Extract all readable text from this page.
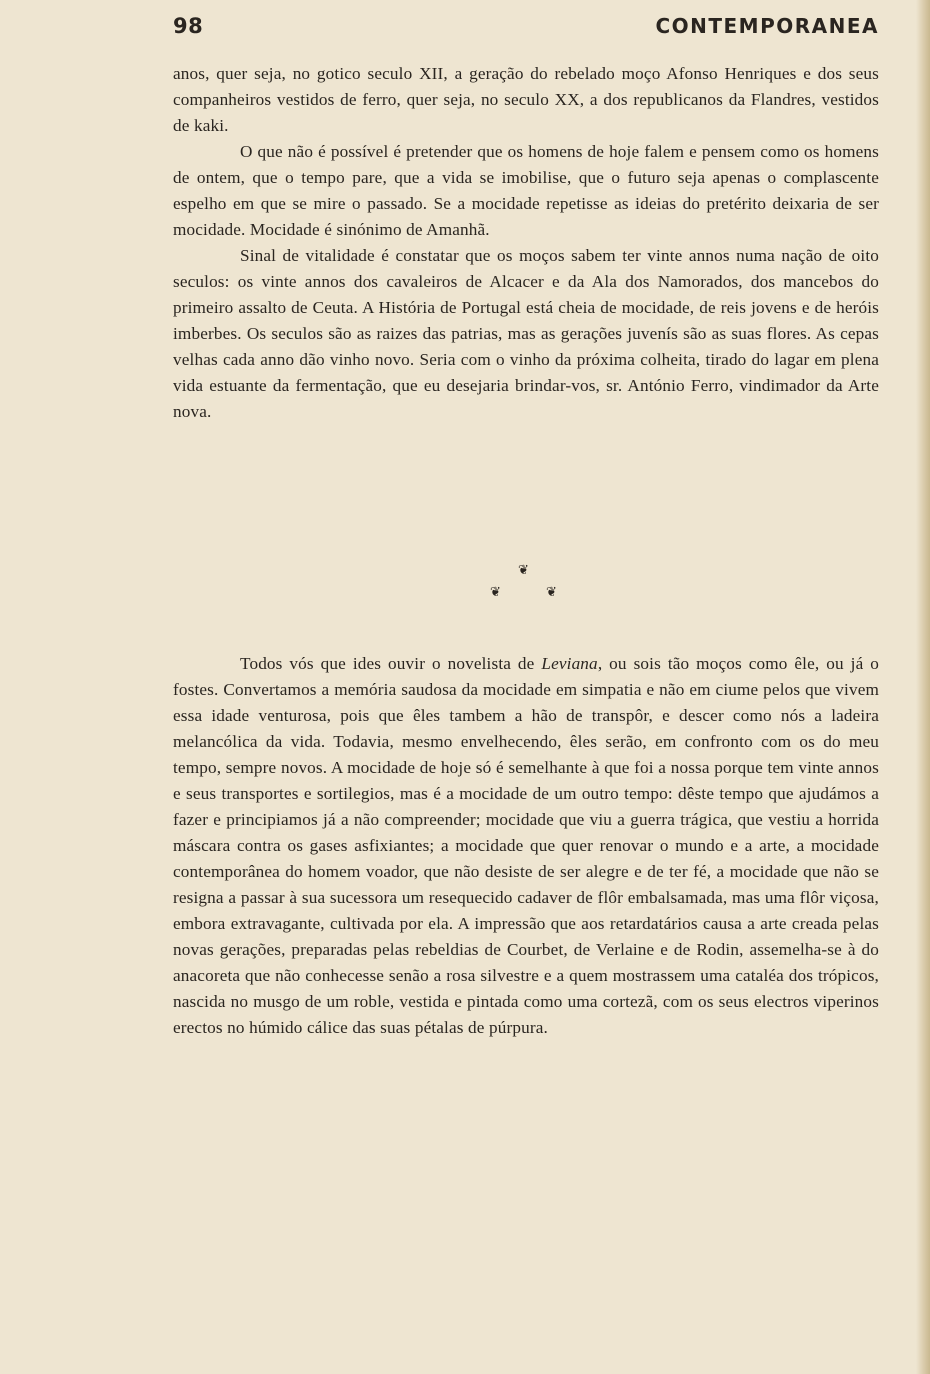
98	CONTEMPORANEA

anos, quer seja, no gotico seculo XII, a geração do rebelado moço Afonso Henriques e dos seus companheiros vestidos de ferro, quer seja, no seculo XX, a dos republicanos da Flandres, vestidos de kaki.

O que não é possível é pretender que os homens de hoje falem e pensem como os homens de ontem, que o tempo pare, que a vida se imobilise, que o futuro seja apenas o complascente espelho em que se mire o passado. Se a mocidade repetisse as ideias do pretérito deixaria de ser mocidade. Mocidade é sinónimo de Amanhã.

Sinal de vitalidade é constatar que os moços sabem ter vinte annos numa nação de oito seculos: os vinte annos dos cavaleiros de Alcacer e da Ala dos Namorados, dos mancebos do primeiro assalto de Ceuta. A História de Portugal está cheia de mocidade, de reis jovens e de heróis imberbes. Os seculos são as raizes das patrias, mas as gerações juvenís são as suas flores. As cepas velhas cada anno dão vinho novo. Seria com o vinho da próxima colheita, tirado do lagar em plena vida estuante da fermentação, que eu desejaria brindar-vos, sr. António Ferro, vindimador da Arte nova.

❦
❦	❦

Todos vós que ides ouvir o novelista de Leviana, ou sois tão moços como êle, ou já o fostes. Convertamos a memória saudosa da mocidade em simpatia e não em ciume pelos que vivem essa idade venturosa, pois que êles tambem a hão de transpôr, e descer como nós a ladeira melancólica da vida. Todavia, mesmo envelhecendo, êles serão, em confronto com os do meu tempo, sempre novos. A mocidade de hoje só é semelhante à que foi a nossa porque tem vinte annos e seus transportes e sortilegios, mas é a mocidade de um outro tempo: dêste tempo que ajudámos a fazer e principiamos já a não compreender; mocidade que viu a guerra trágica, que vestiu a horrida máscara contra os gases asfixiantes; a mocidade que quer renovar o mundo e a arte, a mocidade contemporânea do homem voador, que não desiste de ser alegre e de ter fé, a mocidade que não se resigna a passar à sua sucessora um resequecido cadaver de flôr embalsamada, mas uma flôr viçosa, embora extravagante, cultivada por ela. A impressão que aos retardatários causa a arte creada pelas novas gerações, preparadas pelas rebeldias de Courbet, de Verlaine e de Rodin, assemelha-se à do anacoreta que não conhecesse senão a rosa silvestre e a quem mostrassem uma cataléa dos trópicos, nascida no musgo de um roble, vestida e pintada como uma cortezã, com os seus electros viperinos erectos no húmido cálice das suas pétalas de púrpura.
